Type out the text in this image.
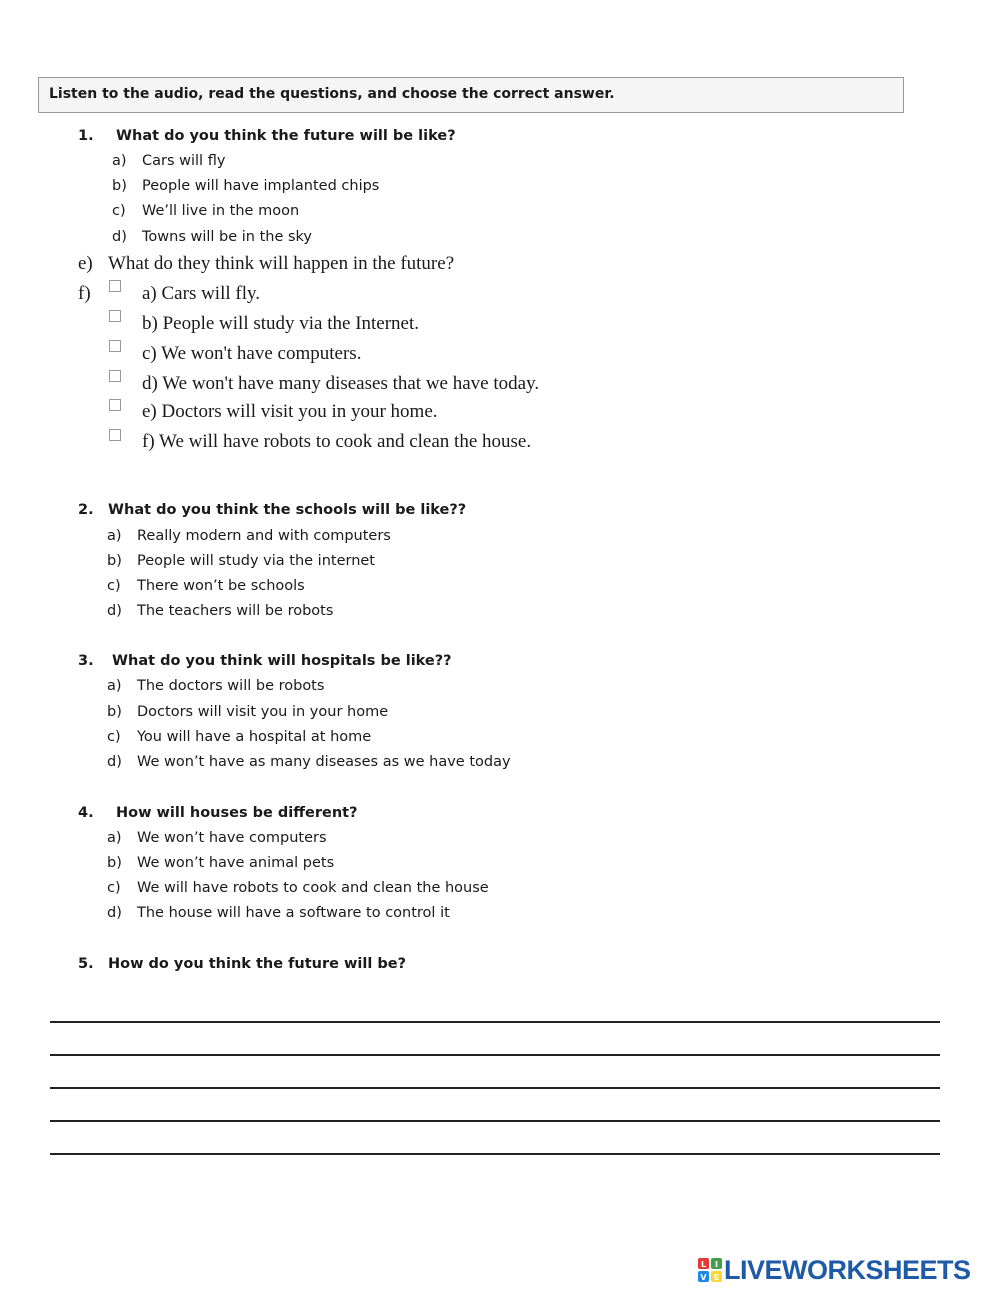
Listen to the audio, read the questions, and choose the correct answer.
1. What do you think the future will be like?
a) Cars will fly
b) People will have implanted chips
c) We’ll live in the moon
d) Towns will be in the sky
e) What do they think will happen in the future?
f)	a) Cars will fly.
b) People will study via the Internet.
c) We won't have computers.
d) We won't have many diseases that we have today.
e) Doctors will visit you in your home.
f) We will have robots to cook and clean the house.
2. What do you think the schools will be like??
a) Really modern and with computers
b) People will study via the internet
c) There won’t be schools
d) The teachers will be robots
3. What do you think will hospitals be like??
a) The doctors will be robots
b) Doctors will visit you in your home
c) You will have a hospital at home
d) We won’t have as many diseases as we have today
4. How will houses be different?
a) We won’t have computers
b) We won’t have animal pets
c) We will have robots to cook and clean the house
d) The house will have a software to control it
5. How do you think the future will be?
L I
V E LIVEWORKSHEETS
